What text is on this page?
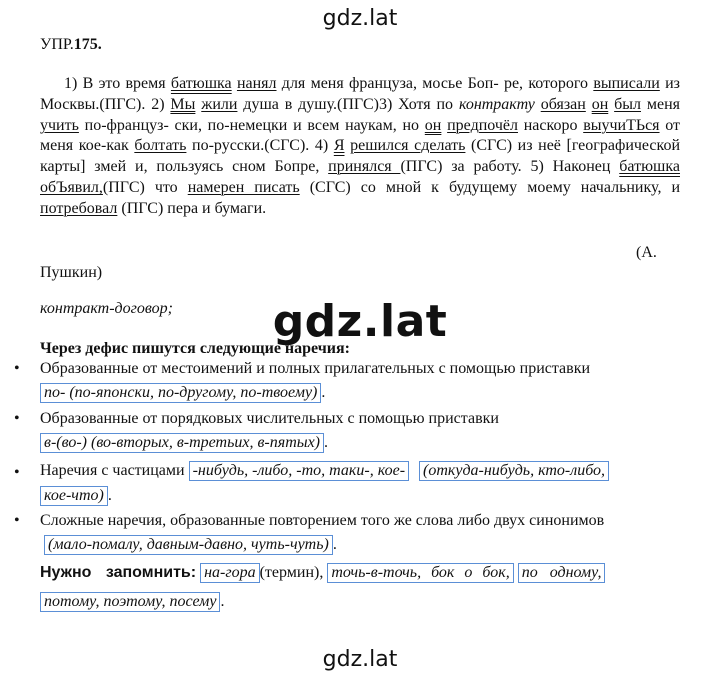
gdz.lat
УПР.175.
1) В это время батюшка нанял для меня француза, мосье Боп- ре, которого выписали из Москвы.(ПГС). 2) Мы жили душа в душу.(ПГС)3) Хотя по контракту обязан он был меня учить по-француз- ски, по-немецки и всем наукам, но он предпочёл наскоро выучиТЬся от меня кое-как болтать по-русски.(СГС). 4) Я решился сделать (СГС) из неё [географической карты] змей и, пользуясь сном Бопре, принялся (ПГС) за работу. 5) Наконец батюшка обЪявил,(ПГС) что намерен писать (СГС) со мной к будущему моему начальнику, и потребовал (ПГС) пера и бумаги.
(А.
Пушкин)
контракт-договор;	gdz.lat
Через дефис пишутся следующие наречия:
• Образованные от местоимений и полных прилагательных с помощью приставки
по- (по-японски, по-другому, по-твоему) .
• Образованные от порядковых числительных с помощью приставки
в-(во-) (во-вторых, в-третьих, в-пятых) .
• Наречия с частицами -нибудь, -либо, -то, таки-, кое- (откуда-нибудь, кто-либо,
кое-что) .
• Сложные наречия, образованные повторением того же слова либо двух синонимов
(мало-помалу, давным-давно, чуть-чуть) .
Нужно запомнить: на-гора (термин), точь-в-точь, бок о бок, по одному,
потому, поэтому, посему .
gdz.lat
